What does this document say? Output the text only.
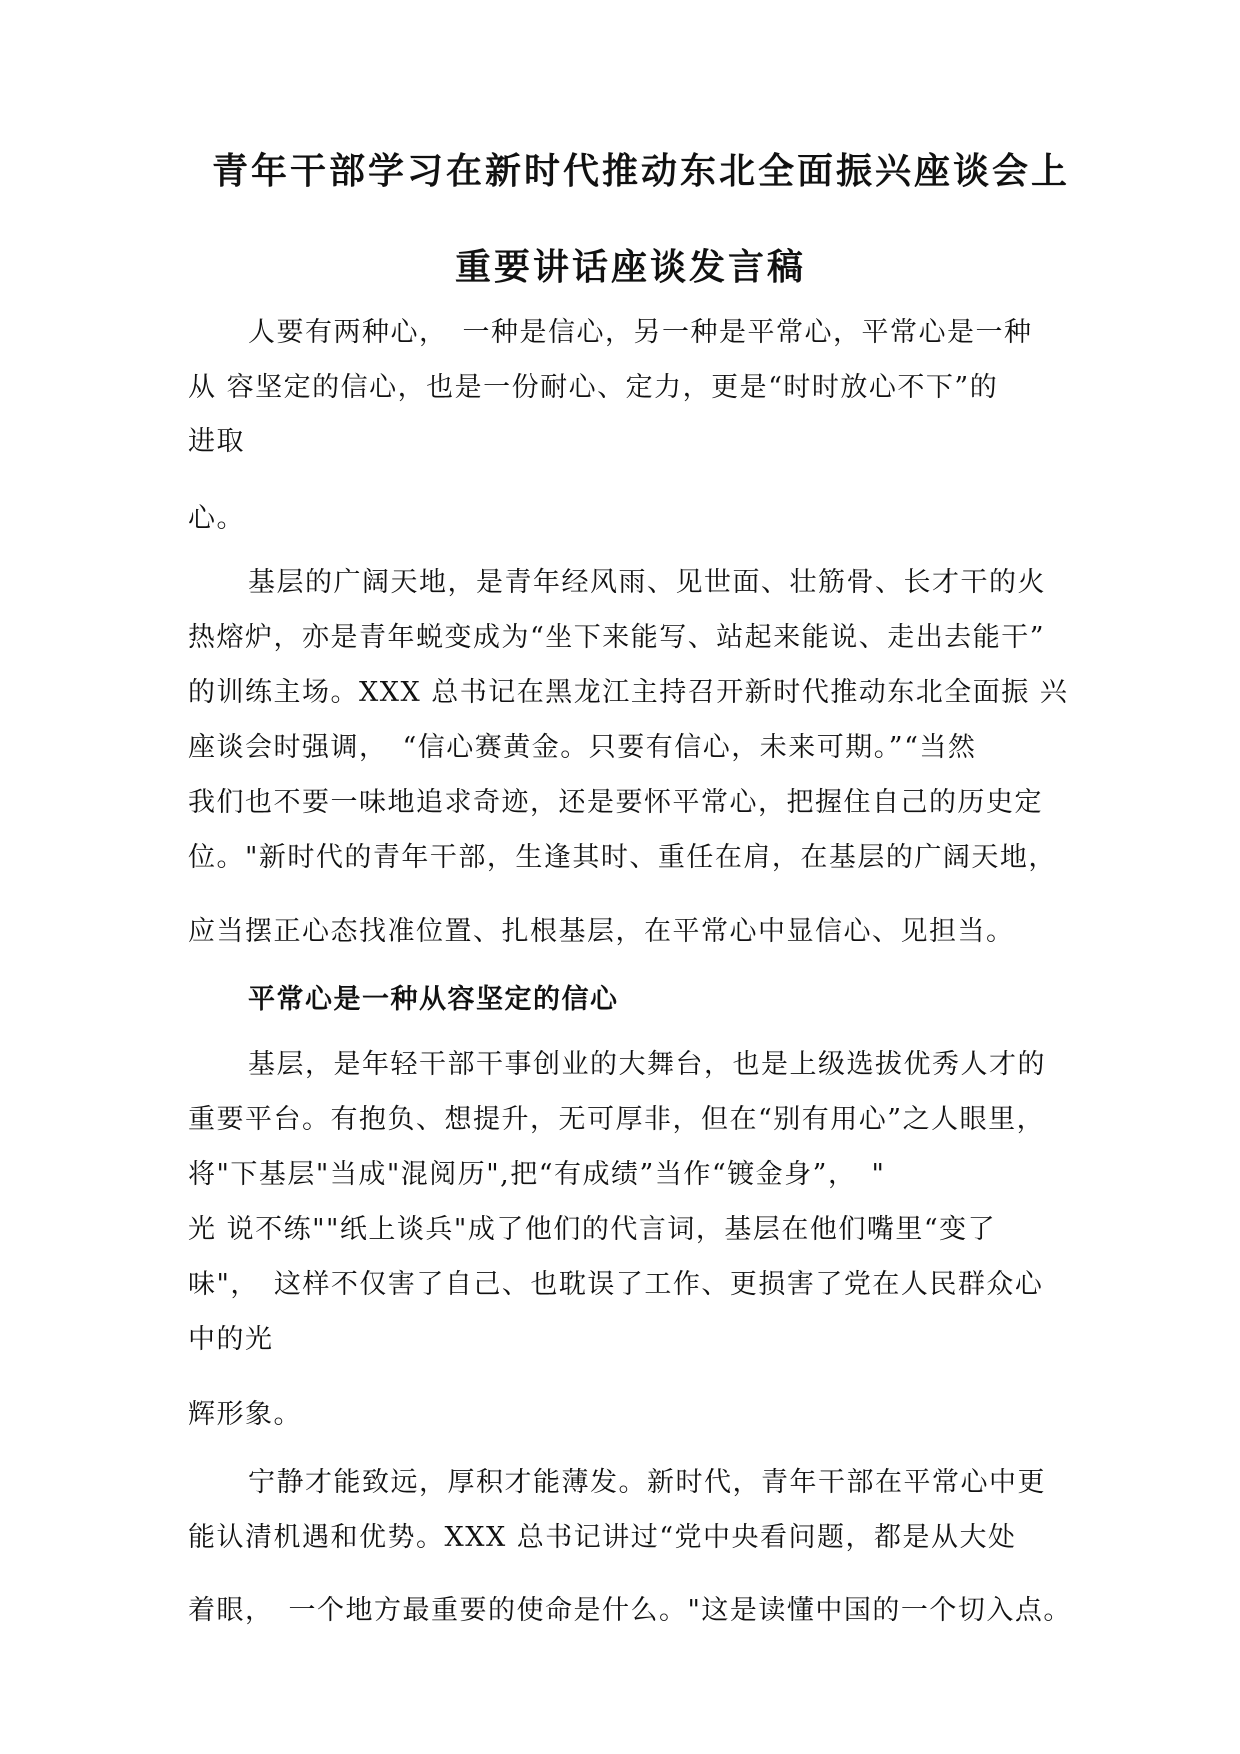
青年干部学习在新时代推动东北全面振兴座谈会上
重要讲话座谈发言稿
人要有两种心，　一种是信心，另一种是平常心，平常心是一种
从 容坚定的信心，也是一份耐心、定力，更是“时时放心不下”的
进取
心。
基层的广阔天地，是青年经风雨、见世面、壮筋骨、长才干的火
热熔炉，亦是青年蜕变成为“坐下来能写、站起来能说、走出去能干”
的训练主场。XXX 总书记在黑龙江主持召开新时代推动东北全面振 兴
座谈会时强调，　“信心赛黄金。只要有信心，未来可期。”“当然
我们也不要一味地追求奇迹，还是要怀平常心，把握住自己的历史定
位。"新时代的青年干部，生逢其时、重任在肩，在基层的广阔天地，
应当摆正心态找准位置、扎根基层，在平常心中显信心、见担当。
平常心是一种从容坚定的信心
基层，是年轻干部干事创业的大舞台，也是上级选拔优秀人才的
重要平台。有抱负、想提升，无可厚非，但在“别有用心”之人眼里，
将"下基层"当成"混阅历",把“有成绩”当作“镀金身”，　"
光 说不练""纸上谈兵"成了他们的代言词，基层在他们嘴里“变了
味"，　这样不仅害了自己、也耽误了工作、更损害了党在人民群众心
中的光
辉形象。
宁静才能致远，厚积才能薄发。新时代，青年干部在平常心中更
能认清机遇和优势。XXX 总书记讲过“党中央看问题，都是从大处
着眼，　一个地方最重要的使命是什么。"这是读懂中国的一个切入点。
